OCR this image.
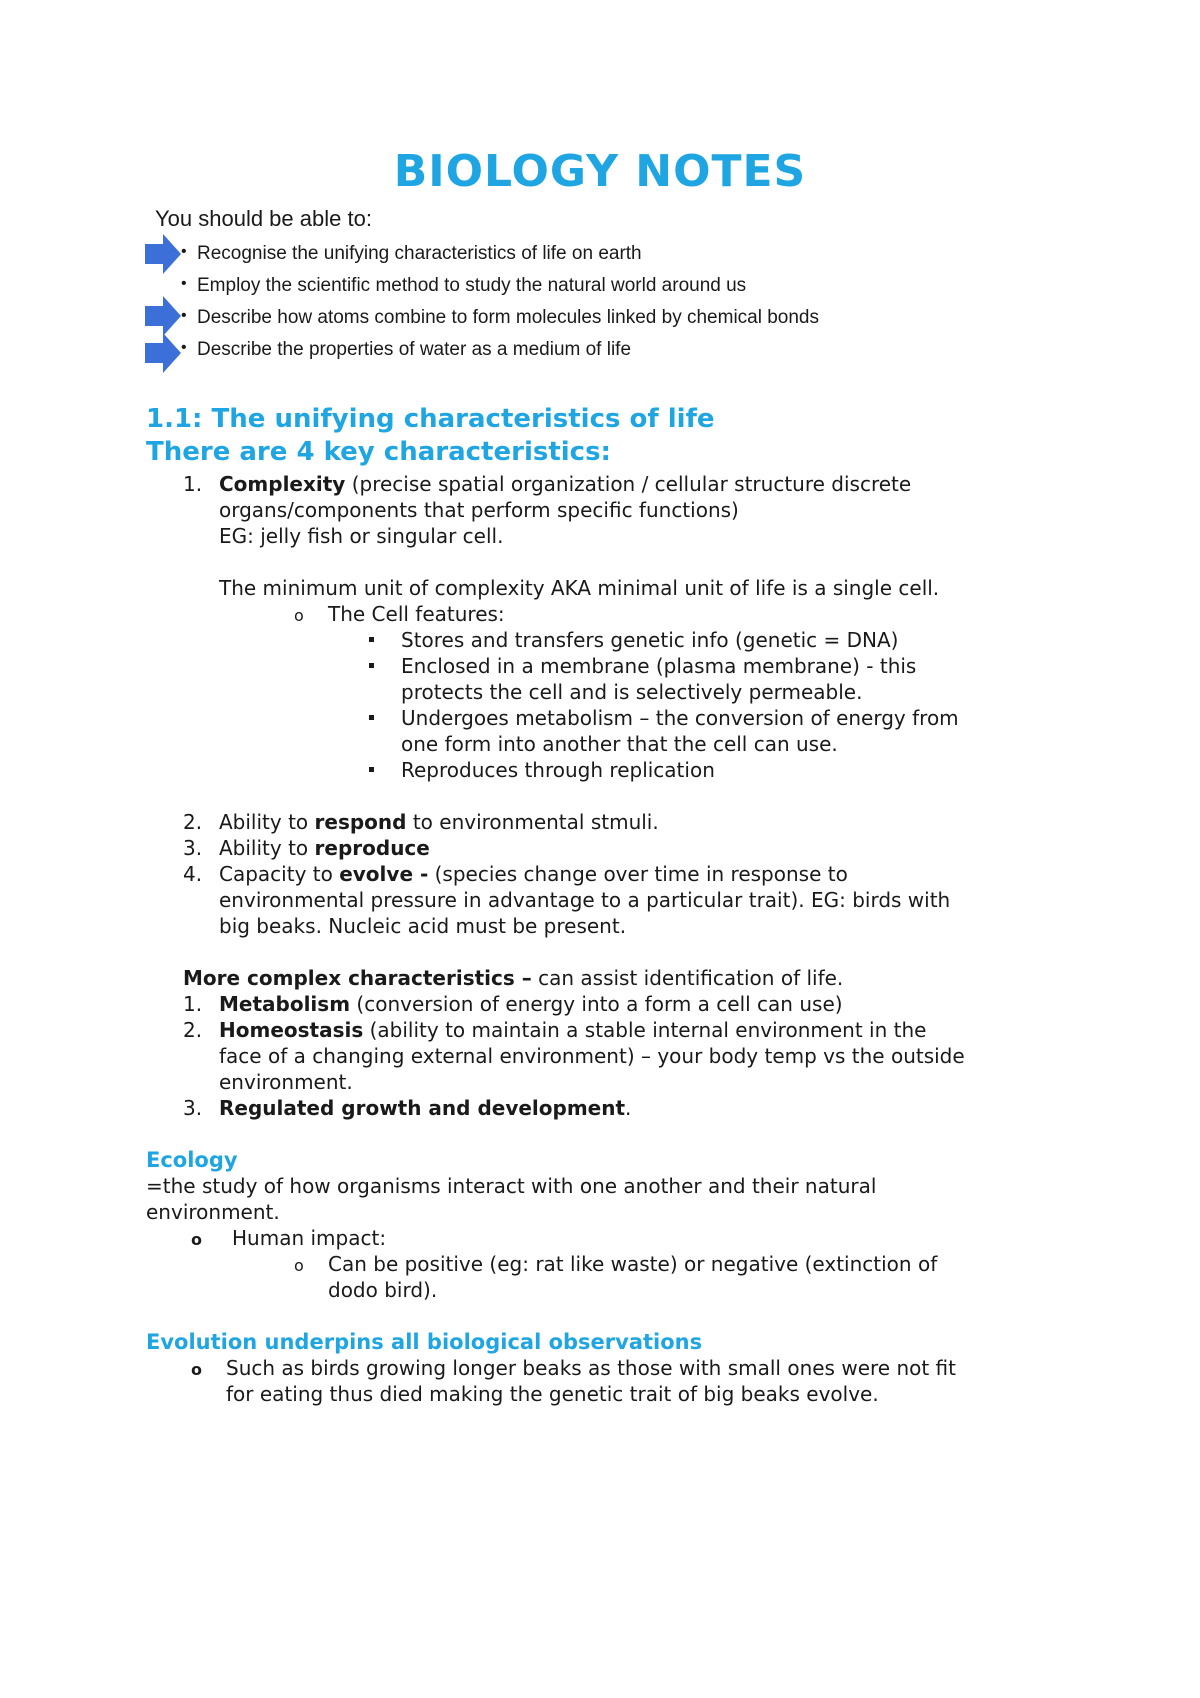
BIOLOGY NOTES
You should be able to:
• Recognise the unifying characteristics of life on earth
• Employ the scientific method to study the natural world around us
• Describe how atoms combine to form molecules linked by chemical bonds
• Describe the properties of water as a medium of life
1.1: The unifying characteristics of life
There are 4 key characteristics:
1. Complexity (precise spatial organization / cellular structure discrete
organs/components that perform specific functions)
EG: jelly fish or singular cell.
The minimum unit of complexity AKA minimal unit of life is a single cell.
o The Cell features:
Stores and transfers genetic info (genetic = DNA)
Enclosed in a membrane (plasma membrane) - this
protects the cell and is selectively permeable.
Undergoes metabolism – the conversion of energy from
one form into another that the cell can use.
Reproduces through replication
2. Ability to respond to environmental stmuli.
3. Ability to reproduce
4. Capacity to evolve - (species change over time in response to
environmental pressure in advantage to a particular trait). EG: birds with
big beaks. Nucleic acid must be present.
More complex characteristics – can assist identification of life.
1. Metabolism (conversion of energy into a form a cell can use)
2. Homeostasis (ability to maintain a stable internal environment in the
face of a changing external environment) – your body temp vs the outside
environment.
3. Regulated growth and development.
Ecology
=the study of how organisms interact with one another and their natural
environment.
o Human impact:
o Can be positive (eg: rat like waste) or negative (extinction of
dodo bird).
Evolution underpins all biological observations
o Such as birds growing longer beaks as those with small ones were not fit
for eating thus died making the genetic trait of big beaks evolve.
